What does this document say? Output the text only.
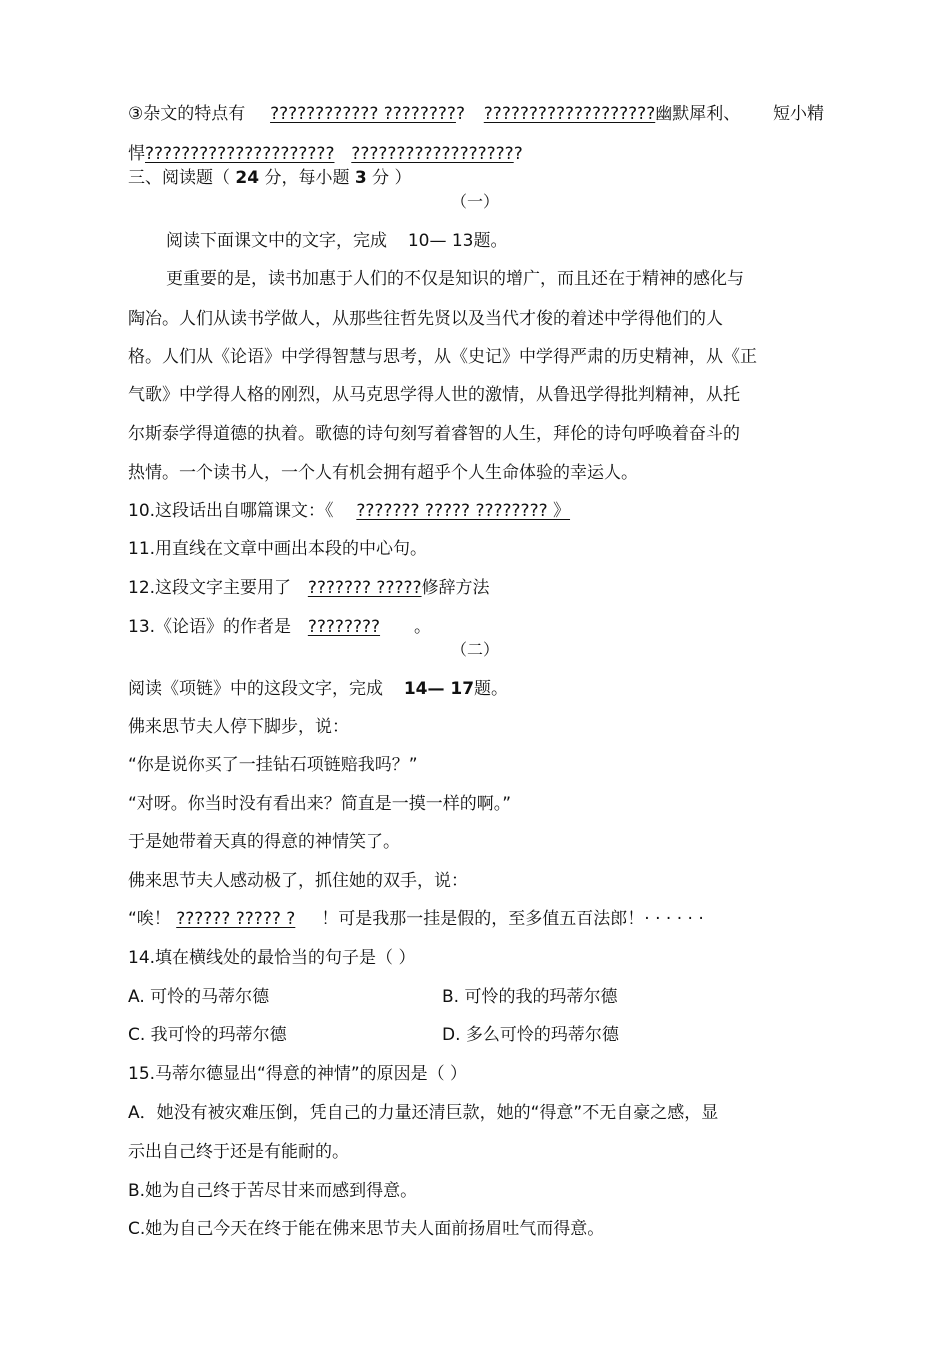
③杂文的特点有 ???????????? ????????? ???????????????????幽默犀利、 短小精
悍????????????????????? ???????????????????
三、阅读题（ 24 分，每小题 3 分 ）
（一）
阅读下面课文中的文字，完成 10— 13题。
更重要的是，读书加惠于人们的不仅是知识的增广，而且还在于精神的感化与
陶冶。人们从读书学做人，从那些往哲先贤以及当代才俊的着述中学得他们的人
格。人们从《论语》中学得智慧与思考，从《史记》中学得严肃的历史精神，从《正
气歌》中学得人格的刚烈，从马克思学得人世的激情，从鲁迅学得批判精神，从托
尔斯泰学得道德的执着。歌德的诗句刻写着睿智的人生，拜伦的诗句呼唤着奋斗的
热情。一个读书人，一个人有机会拥有超乎个人生命体验的幸运人。
10.这段话出自哪篇课文：《 ??????? ????? ???????? 》
11.用直线在文章中画出本段的中心句。
12.这段文字主要用了 ??????? ?????修辞方法
13.《论语》的作者是 ???????? 。
（二）
阅读《项链》中的这段文字，完成 14— 17题。
佛来思节夫人停下脚步，说：
“你是说你买了一挂钻石项链赔我吗？”
“对呀。你当时没有看出来？简直是一摸一样的啊。”
于是她带着天真的得意的神情笑了。
佛来思节夫人感动极了，抓住她的双手，说：
“唉！ ?????? ????? ? ！可是我那一挂是假的，至多值五百法郎！· · · · · ·
14.填在横线处的最恰当的句子是（ ）
A. 可怜的马蒂尔德	B. 可怜的我的玛蒂尔德
C. 我可怜的玛蒂尔德	D. 多么可怜的玛蒂尔德
15.马蒂尔德显出“得意的神情”的原因是（ ）
A．她没有被灾难压倒，凭自己的力量还清巨款，她的“得意”不无自豪之感，显
示出自己终于还是有能耐的。
B.她为自己终于苦尽甘来而感到得意。
C.她为自己今天在终于能在佛来思节夫人面前扬眉吐气而得意。
